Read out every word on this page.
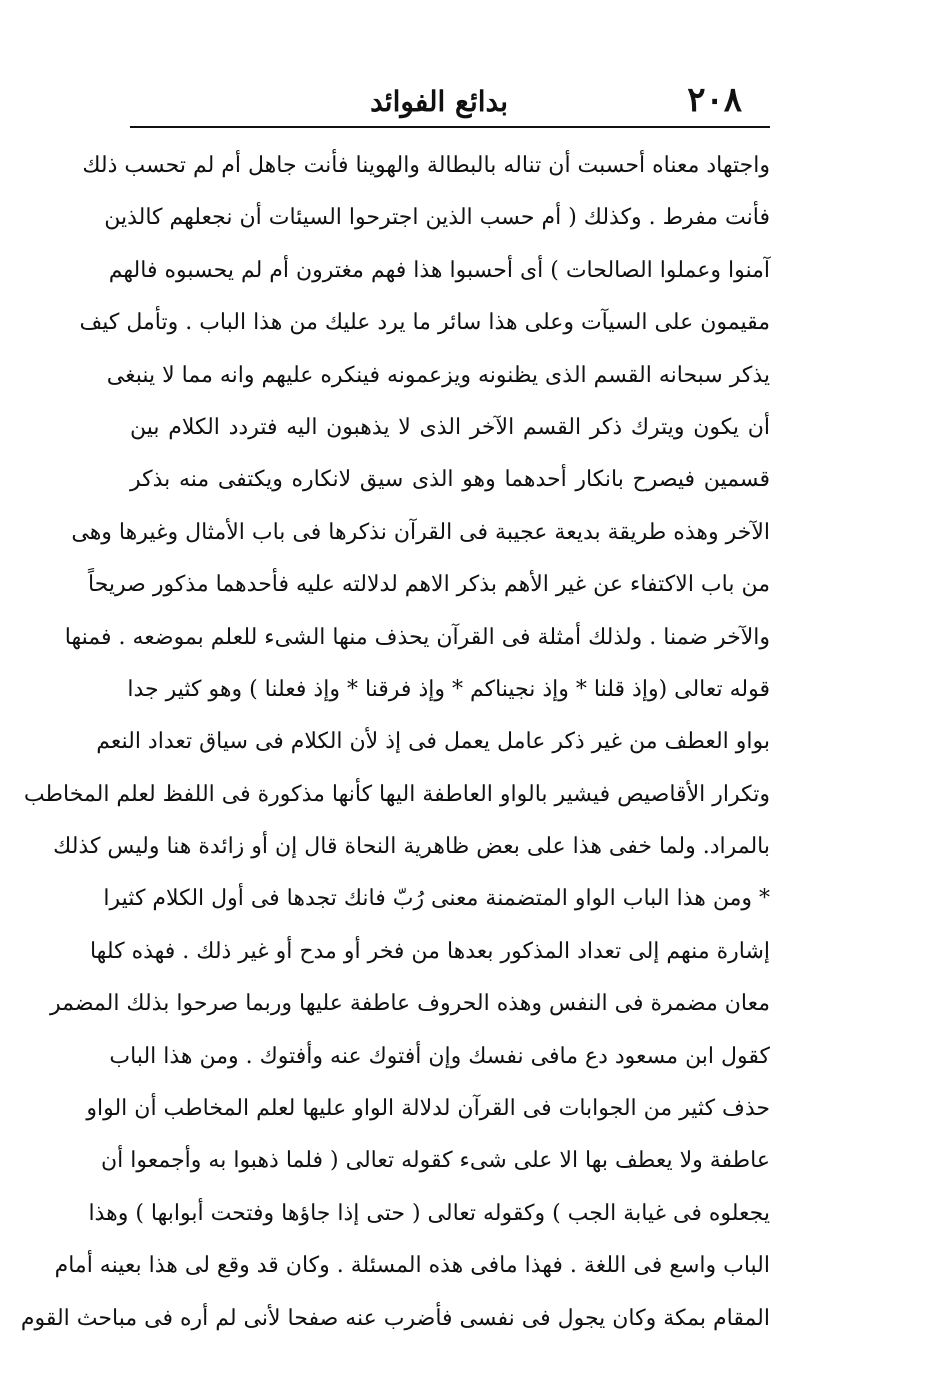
٢٠٨
بدائع الفوائد
واجتهاد معناه أحسبت أن تناله بالبطالة والهوينا فأنت جاهل أم لم تحسب ذلك
فأنت مفرط . وكذلك ( أم حسب الذين اجترحوا السيئات أن نجعلهم كالذين
آمنوا وعملوا الصالحات ) أى أحسبوا هذا فهم مغترون أم لم يحسبوه فالهم
مقيمون على السيآت وعلى هذا سائر ما يرد عليك من هذا الباب . وتأمل كيف
يذكر سبحانه القسم الذى يظنونه ويزعمونه فينكره عليهم وانه مما لا ينبغى
أن يكون ويترك ذكر القسم الآخر الذى لا يذهبون اليه فتردد الكلام بين
قسمين فيصرح بانكار أحدهما وهو الذى سيق لانكاره ويكتفى منه بذكر
الآخر وهذه طريقة بديعة عجيبة فى القرآن نذكرها فى باب الأمثال وغيرها وهى
من باب الاكتفاء عن غير الأهم بذكر الاهم لدلالته عليه فأحدهما مذكور صريحاً
والآخر ضمنا . ولذلك أمثلة فى القرآن يحذف منها الشىء للعلم بموضعه . فمنها
قوله تعالى (وإذ قلنا * وإذ نجيناكم * وإذ فرقنا * وإذ فعلنا ) وهو كثير جدا
بواو العطف من غير ذكر عامل يعمل فى إذ لأن الكلام فى سياق تعداد النعم
وتكرار الأقاصيص فيشير بالواو العاطفة اليها كأنها مذكورة فى اللفظ لعلم المخاطب
بالمراد. ولما خفى هذا على بعض ظاهرية النحاة قال إن أو زائدة هنا وليس كذلك
* ومن هذا الباب الواو المتضمنة معنى رُبّ فانك تجدها فى أول الكلام كثيرا
إشارة منهم إلى تعداد المذكور بعدها من فخر أو مدح أو غير ذلك . فهذه كلها
معان مضمرة فى النفس وهذه الحروف عاطفة عليها وربما صرحوا بذلك المضمر
كقول ابن مسعود دع مافى نفسك وإن أفتوك عنه وأفتوك . ومن هذا الباب
حذف كثير من الجوابات فى القرآن لدلالة الواو عليها لعلم المخاطب أن الواو
عاطفة ولا يعطف بها الا على شىء كقوله تعالى ( فلما ذهبوا به وأجمعوا أن
يجعلوه فى غيابة الجب ) وكقوله تعالى ( حتى إذا جاؤها وفتحت أبوابها ) وهذا
الباب واسع فى اللغة . فهذا مافى هذه المسئلة . وكان قد وقع لى هذا بعينه أمام
المقام بمكة وكان يجول فى نفسى فأضرب عنه صفحا لأنى لم أره فى مباحث القوم
